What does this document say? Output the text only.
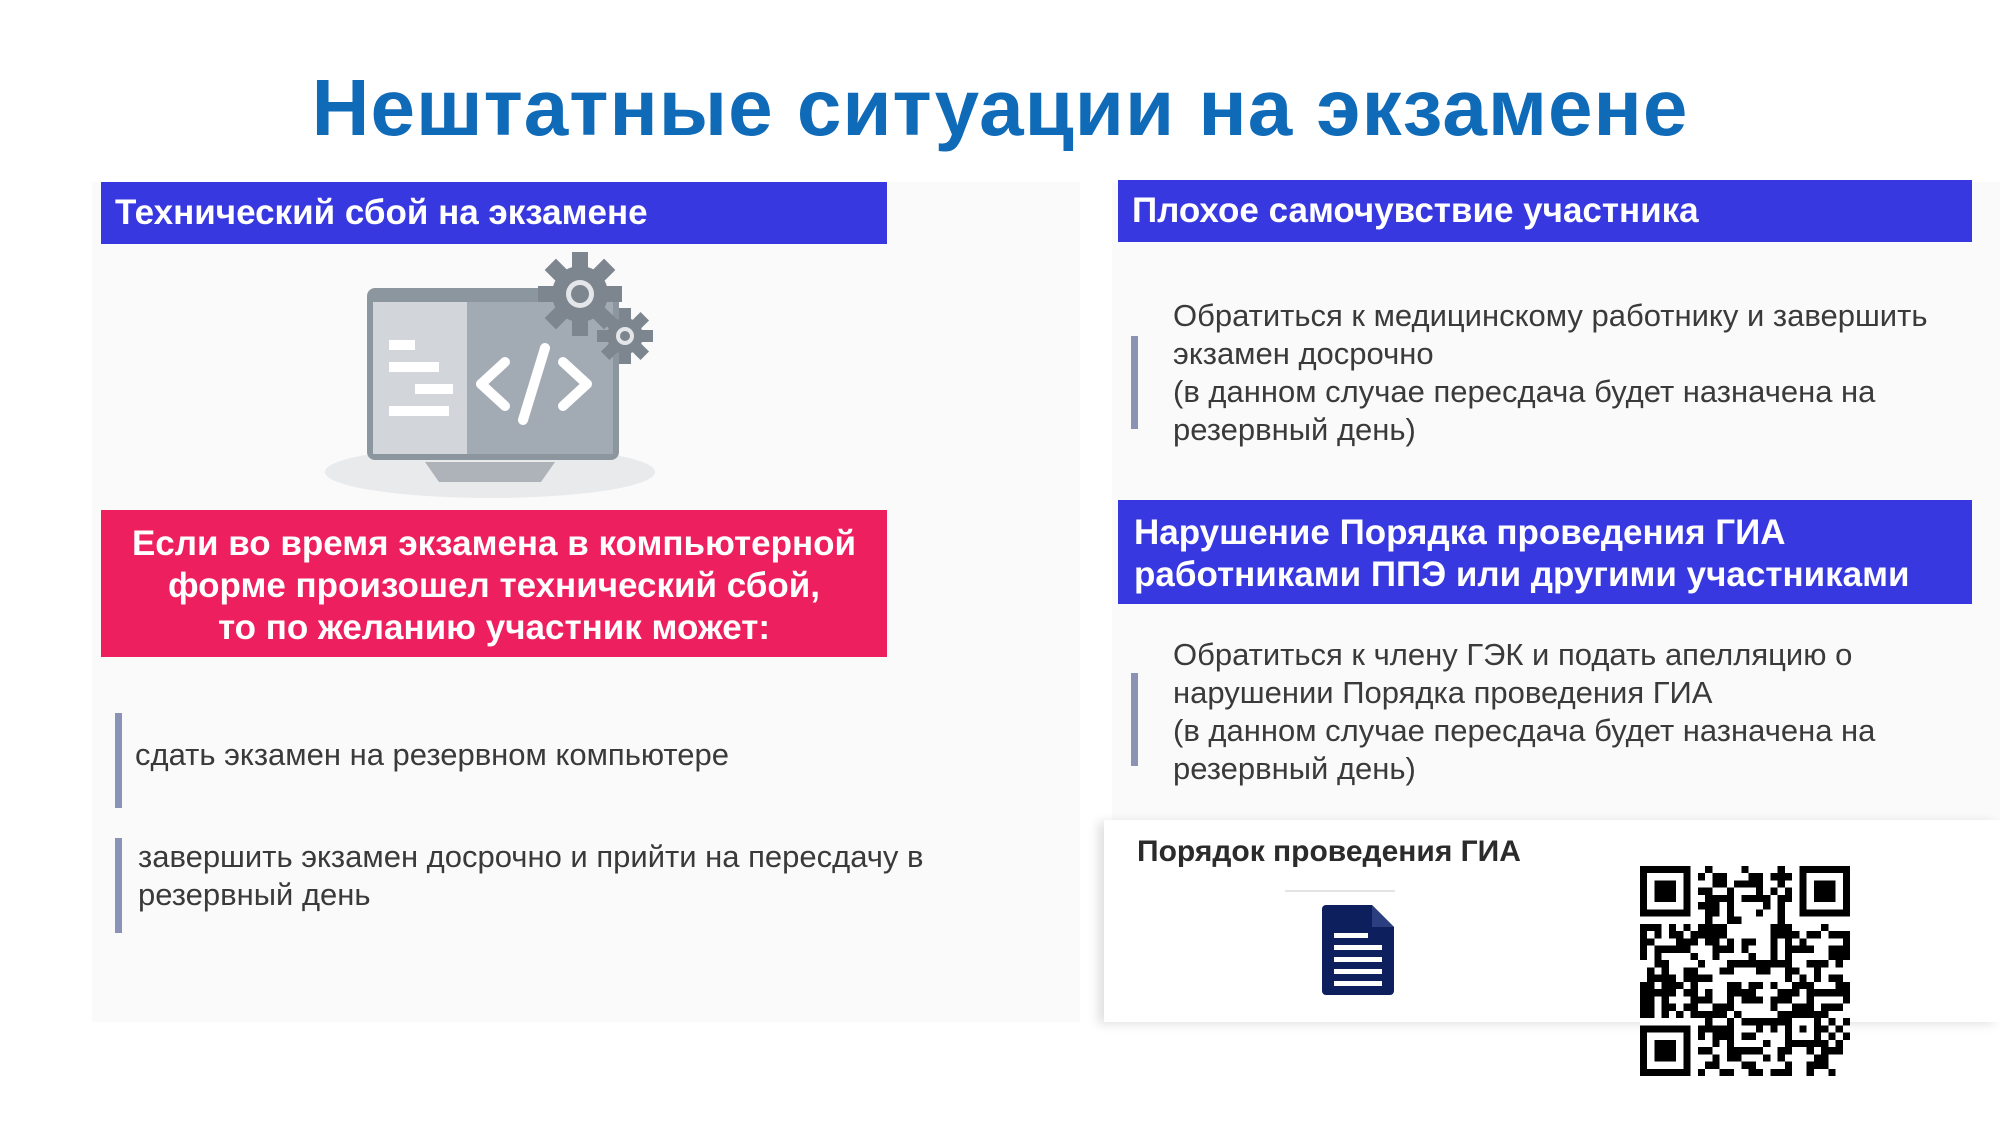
Нештатные ситуации на экзамене
Технический сбой на экзамене
Если во время экзамена в компьютерной
форме произошел технический сбой,
то по желанию участник может:
сдать экзамен на резервном компьютере
завершить экзамен досрочно и прийти на пересдачу в
резервный день
Плохое самочувствие участника
Обратиться к медицинскому работнику и завершить
экзамен досрочно
(в данном случае пересдача будет назначена на
резервный день)
Нарушение Порядка проведения ГИА
работниками ППЭ или другими участниками
Обратиться к члену ГЭК и подать апелляцию о
нарушении Порядка проведения ГИА
(в данном случае пересдача будет назначена на
резервный день)
Порядок проведения ГИА
